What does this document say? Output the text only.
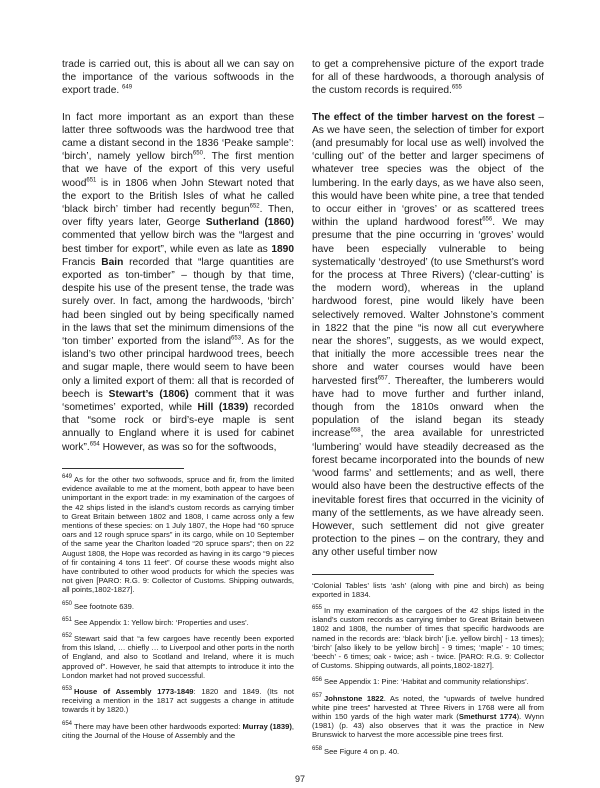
trade is carried out, this is about all we can say on the importance of the various softwoods in the export trade. $^{649}$

In fact more important as an export than these latter three softwoods was the hardwood tree that came a distant second in the 1836 ‘Peake sample’: ‘birch’, namely yellow birch$^{650}$. The first mention that we have of the export of this very useful wood$^{651}$ is in 1806 when John Stewart noted that the export to the British Isles of what he called ‘black birch’ timber had recently begun$^{652}$. Then, over fifty years later, George Sutherland (1860) commented that yellow birch was the “largest and best timber for export”, while even as late as 1890 Francis Bain recorded that “large quantities are exported as ton-timber” – though by that time, despite his use of the present tense, the trade was surely over. In fact, among the hardwoods, ‘birch’ had been singled out by being specifically named in the laws that set the minimum dimensions of the ‘ton timber’ exported from the island$^{653}$. As for the island’s two other principal hardwood trees, beech and sugar maple, there would seem to have been only a limited export of them: all that is recorded of beech is Stewart’s (1806) comment that it was ‘sometimes’ exported, while Hill (1839) recorded that “some rock or bird’s-eye maple is sent annually to England where it is used for cabinet work”.$^{654}$ However, as was so for the softwoods,

$^{649}$ As for the other two softwoods, spruce and fir, from the limited evidence available to me at the moment, both appear to have been unimportant in the export trade: in my examination of the cargoes of the 42 ships listed in the island’s custom records as carrying timber to Great Britain between 1802 and 1808, I came across only a few mentions of these species: on 1 July 1807, the Hope had “60 spruce oars and 12 rough spruce spars” in its cargo, while on 10 September of the same year the Charlton loaded “20 spruce spars”; then on 22 August 1808, the Hope was recorded as having in its cargo “9 pieces of fir containing 4 tons 11 feet”. Of course these woods might also have contributed to other wood products for which the species was not given [PARO: R.G. 9: Collector of Customs. Shipping outwards, all points,1802-1827].

$^{650}$ See footnote 639.

$^{651}$ See Appendix 1: Yellow birch: ‘Properties and uses’.

$^{652}$ Stewart said that “a few cargoes have recently been exported from this Island, … chiefly … to Liverpool and other ports in the north of England, and also to Scotland and Ireland, where it is much approved of”. However, he said that attempts to introduce it into the London market had not proved successful.

$^{653}$ House of Assembly 1773-1849: 1820 and 1849. (Its not receiving a mention in the 1817 act suggests a change in attitude towards it by 1820.)

$^{654}$ There may have been other hardwoods exported: Murray (1839), citing the Journal of the House of Assembly and the

to get a comprehensive picture of the export trade for all of these hardwoods, a thorough analysis of the custom records is required.$^{655}$

The effect of the timber harvest on the forest – As we have seen, the selection of timber for export (and presumably for local use as well) involved the ‘culling out’ of the better and larger specimens of whatever tree species was the object of the lumbering. In the early days, as we have also seen, this would have been white pine, a tree that tended to occur either in ‘groves’ or as scattered trees within the upland hardwood forest$^{656}$. We may presume that the pine occurring in ‘groves’ would have been especially vulnerable to being systematically ‘destroyed’ (to use Smethurst’s word for the process at Three Rivers) (‘clear-cutting’ is the modern word), whereas in the upland hardwood forest, pine would likely have been selectively removed. Walter Johnstone’s comment in 1822 that the pine “is now all cut everywhere near the shores”, suggests, as we would expect, that initially the more accessible trees near the shore and water courses would have been harvested first$^{657}$. Thereafter, the lumberers would have had to move further and further inland, though from the 1810s onward when the population of the island began its steady increase$^{658}$, the area available for unrestricted ‘lumbering’ would have steadily decreased as the forest became incorporated into the bounds of new ‘wood farms’ and settlements; and as well, there would also have been the destructive effects of the inevitable forest fires that occurred in the vicinity of many of the settlements, as we have already seen. However, such settlement did not give greater protection to the pines – on the contrary, they and any other useful timber now

‘Colonial Tables’ lists ‘ash’ (along with pine and birch) as being exported in 1834.

$^{655}$ In my examination of the cargoes of the 42 ships listed in the island’s custom records as carrying timber to Great Britain between 1802 and 1808, the number of times that specific hardwoods are named in the records are: ‘black birch’ [i.e. yellow birch] - 13 times); ‘birch’ [also likely to be yellow birch] - 9 times; ‘maple’ - 10 times; ‘beech’ - 6 times; oak - twice; ash - twice. [PARO: R.G. 9: Collector of Customs. Shipping outwards, all points,1802-1827].

$^{656}$ See Appendix 1: Pine: ‘Habitat and community relationships’.

$^{657}$ Johnstone 1822. As noted, the “upwards of twelve hundred white pine trees” harvested at Three Rivers in 1768 were all from within 150 yards of the high water mark (Smethurst 1774). Wynn (1981) (p. 43) also observes that it was the practice in New Brunswick to harvest the more accessible pine trees first.

$^{658}$ See Figure 4 on p. 40.

97
